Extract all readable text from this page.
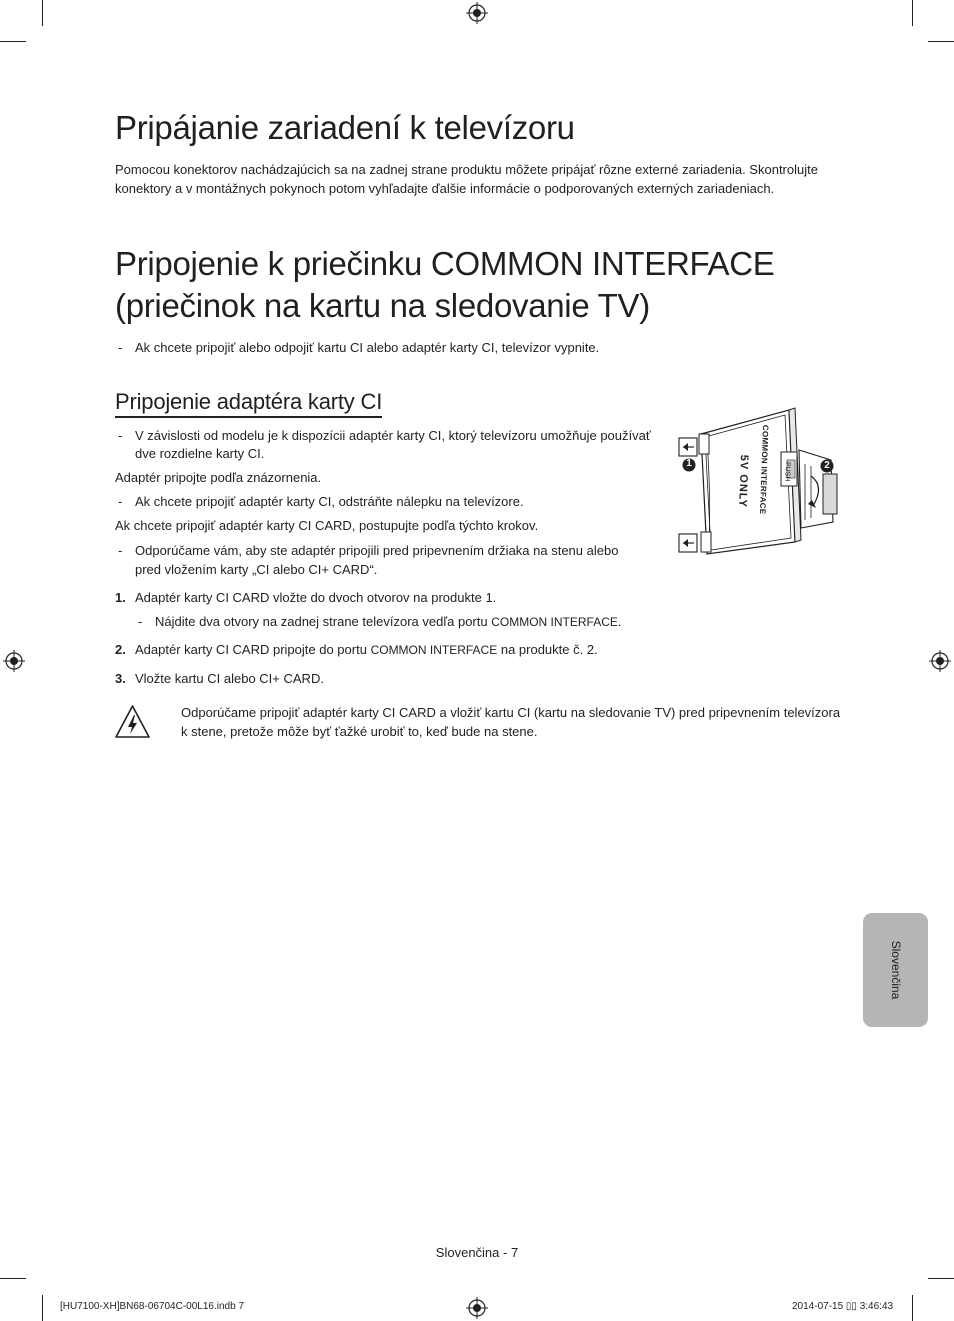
Pripájanie zariadení k televízoru

Pomocou konektorov nachádzajúcich sa na zadnej strane produktu môžete pripájať rôzne externé zariadenia. Skontrolujte

konektory a v montážnych pokynoch potom vyhľadajte ďalšie informácie o podporovaných externých zariadeniach.

Pripojenie k priečinku COMMON INTERFACE
(priečinok na kartu na sledovanie TV)
- Ak chcete pripojiť alebo odpojiť kartu CI alebo adaptér karty CI, televízor vypnite.

Pripojenie adaptéra karty CI
- V závislosti od modelu je k dispozícii adaptér karty CI, ktorý televízoru umožňuje používať

dve rozdielne karty CI.

Adaptér pripojte podľa znázornenia.

- Ak chcete pripojiť adaptér karty CI, odstráňte nálepku na televízore.

Ak chcete pripojiť adaptér karty CI CARD, postupujte podľa týchto krokov.

- Odporúčame vám, aby ste adaptér pripojili pred pripevnením držiaka na stenu alebo

pred vložením karty „CI alebo CI+ CARD“.

1. Adaptér karty CI CARD vložte do dvoch otvorov na produkte 1.

- Nájdite dva otvory na zadnej strane televízora vedľa portu COMMON INTERFACE.

2. Adaptér karty CI CARD pripojte do portu COMMON INTERFACE na produkte č. 2.

3. Vložte kartu CI alebo CI+ CARD.

Odporúčame pripojiť adaptér karty CI CARD a vložiť kartu CI (kartu na sledovanie TV) pred pripevnením televízora

k stene, pretože môže byť ťažké urobiť to, keď bude na stene.

1	2
COMMON INTERFACE
5V ONLY	PUSH
Slovenčina
Slovenčina - 7
[HU7100-XH]BN68-06704C-00L16.indb 7	2014-07-15 ▯▯ 3:46:43
